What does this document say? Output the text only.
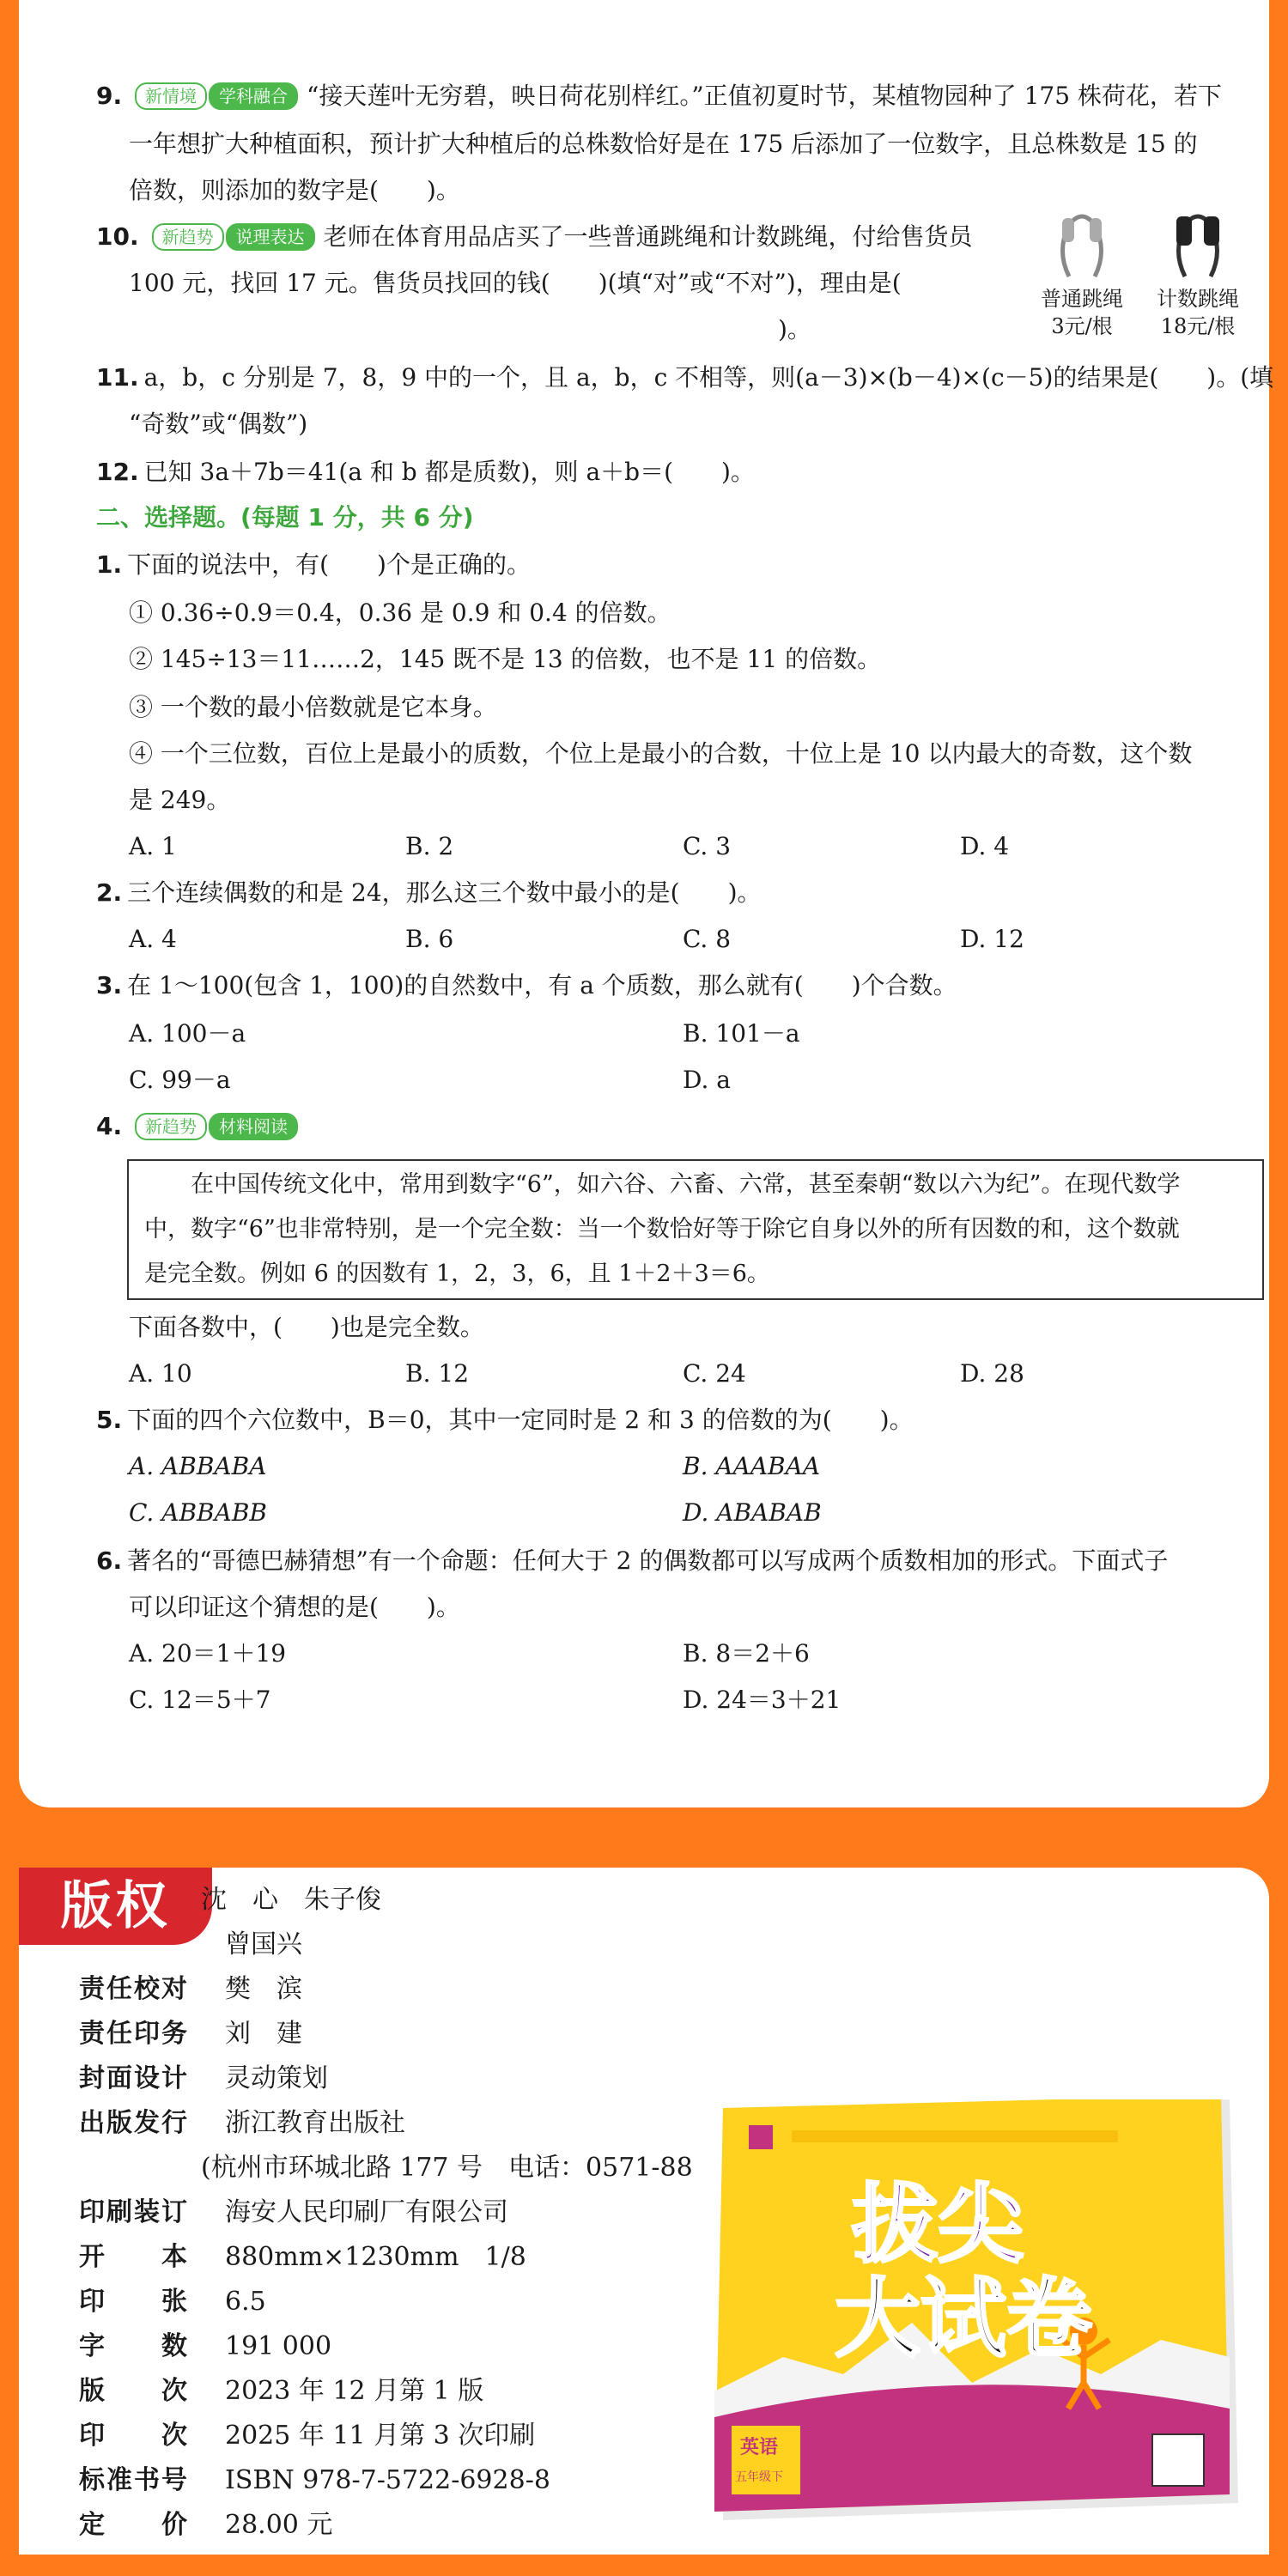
9. 新情境 学科融合 “接天莲叶无穷碧，映日荷花别样红。”正值初夏时节，某植物园种了 175 株荷花，若下
一年想扩大种植面积，预计扩大种植后的总株数恰好是在 175 后添加了一位数字，且总株数是 15 的
倍数，则添加的数字是(　　)。
10. 新趋势 说理表达 老师在体育用品店买了一些普通跳绳和计数跳绳，付给售货员
100 元，找回 17 元。售货员找回的钱(　　)(填“对”或“不对”)，理由是(
　　　　　　　　　　　　　　　　　　　　　　　　　　　)。
普通跳绳
3元/根
计数跳绳
18元/根
11. a，b，c 分别是 7，8，9 中的一个，且 a，b，c 不相等，则(a－3)×(b－4)×(c－5)的结果是(　　)。(填
“奇数”或“偶数”)
12. 已知 3a＋7b＝41(a 和 b 都是质数)，则 a＋b＝(　　)。
二、选择题。(每题 1 分，共 6 分)
1. 下面的说法中，有(　　)个是正确的。
① 0.36÷0.9＝0.4，0.36 是 0.9 和 0.4 的倍数。
② 145÷13＝11……2，145 既不是 13 的倍数，也不是 11 的倍数。
③ 一个数的最小倍数就是它本身。
④ 一个三位数，百位上是最小的质数，个位上是最小的合数，十位上是 10 以内最大的奇数，这个数
是 249。
A. 1	B. 2	C. 3	D. 4
2. 三个连续偶数的和是 24，那么这三个数中最小的是(　　)。
A. 4	B. 6	C. 8	D. 12
3. 在 1～100(包含 1，100)的自然数中，有 a 个质数，那么就有(　　)个合数。
A. 100－a	B. 101－a
C. 99－a	D. a
4. 新趋势 材料阅读
　　在中国传统文化中，常用到数字“6”，如六谷、六畜、六常，甚至秦朝“数以六为纪”。在现代数学
中，数字“6”也非常特别，是一个完全数：当一个数恰好等于除它自身以外的所有因数的和，这个数就
是完全数。例如 6 的因数有 1，2，3，6，且 1＋2＋3＝6。
下面各数中，(　　)也是完全数。
A. 10	B. 12	C. 24	D. 28
5. 下面的四个六位数中，B＝0，其中一定同时是 2 和 3 的倍数的为(　　)。
A. ABBABA	B. AAABAA
C. ABBABB	D. ABABAB
6. 著名的“哥德巴赫猜想”有一个命题：任何大于 2 的偶数都可以写成两个质数相加的形式。下面式子
可以印证这个猜想的是(　　)。
A. 20＝1＋19	B. 8＝2＋6
C. 12＝5＋7	D. 24＝3＋21
版权	沈　心　朱子俊
曾国兴
责任校对 樊　滨
责任印务 刘　建
封面设计 灵动策划
出版发行 浙江教育出版社
(杭州市环城北路 177 号　电话：0571-88
印刷装订 海安人民印刷厂有限公司
开　　本 880mm×1230mm　1/8
印　　张 6.5
字　　数 191 000
版　　次 2023 年 12 月第 1 版
印　　次 2025 年 11 月第 3 次印刷
标准书号 ISBN 978-7-5722-6928-8
定　　价 28.00 元
拔尖
大试卷
英语
五年级下
